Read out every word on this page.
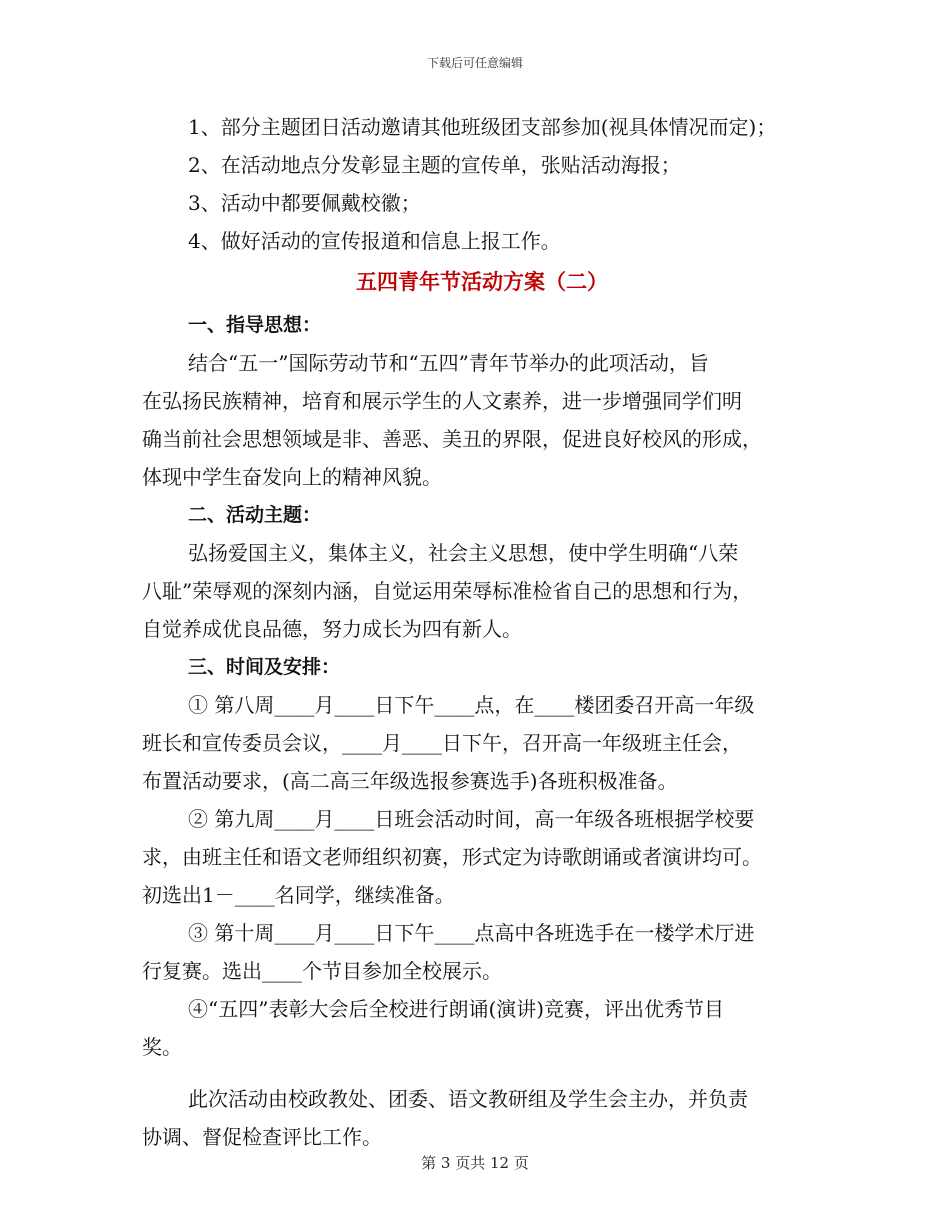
下载后可任意编辑
1、部分主题团日活动邀请其他班级团支部参加(视具体情况而定)；
2、在活动地点分发彰显主题的宣传单，张贴活动海报；
3、活动中都要佩戴校徽；
4、做好活动的宣传报道和信息上报工作。
五四青年节活动方案（二）
一、指导思想：
结合“五一”国际劳动节和“五四”青年节举办的此项活动，旨
在弘扬民族精神，培育和展示学生的人文素养，进一步增强同学们明
确当前社会思想领域是非、善恶、美丑的界限，促进良好校风的形成，
体现中学生奋发向上的精神风貌。
二、活动主题：
弘扬爱国主义，集体主义，社会主义思想，使中学生明确“八荣
八耻”荣辱观的深刻内涵，自觉运用荣辱标准检省自己的思想和行为，
自觉养成优良品德，努力成长为四有新人。
三、时间及安排：
① 第八周____月____日下午____点，在____楼团委召开高一年级
班长和宣传委员会议，____月____日下午，召开高一年级班主任会，
布置活动要求，(高二高三年级选报参赛选手)各班积极准备。
② 第九周____月____日班会活动时间，高一年级各班根据学校要
求，由班主任和语文老师组织初赛，形式定为诗歌朗诵或者演讲均可。
初选出1－____名同学，继续准备。
③ 第十周____月____日下午____点高中各班选手在一楼学术厅进
行复赛。选出____个节目参加全校展示。
④“五四”表彰大会后全校进行朗诵(演讲)竞赛，评出优秀节目
奖。
此次活动由校政教处、团委、语文教研组及学生会主办，并负责
协调、督促检查评比工作。
第 3 页共 12 页
